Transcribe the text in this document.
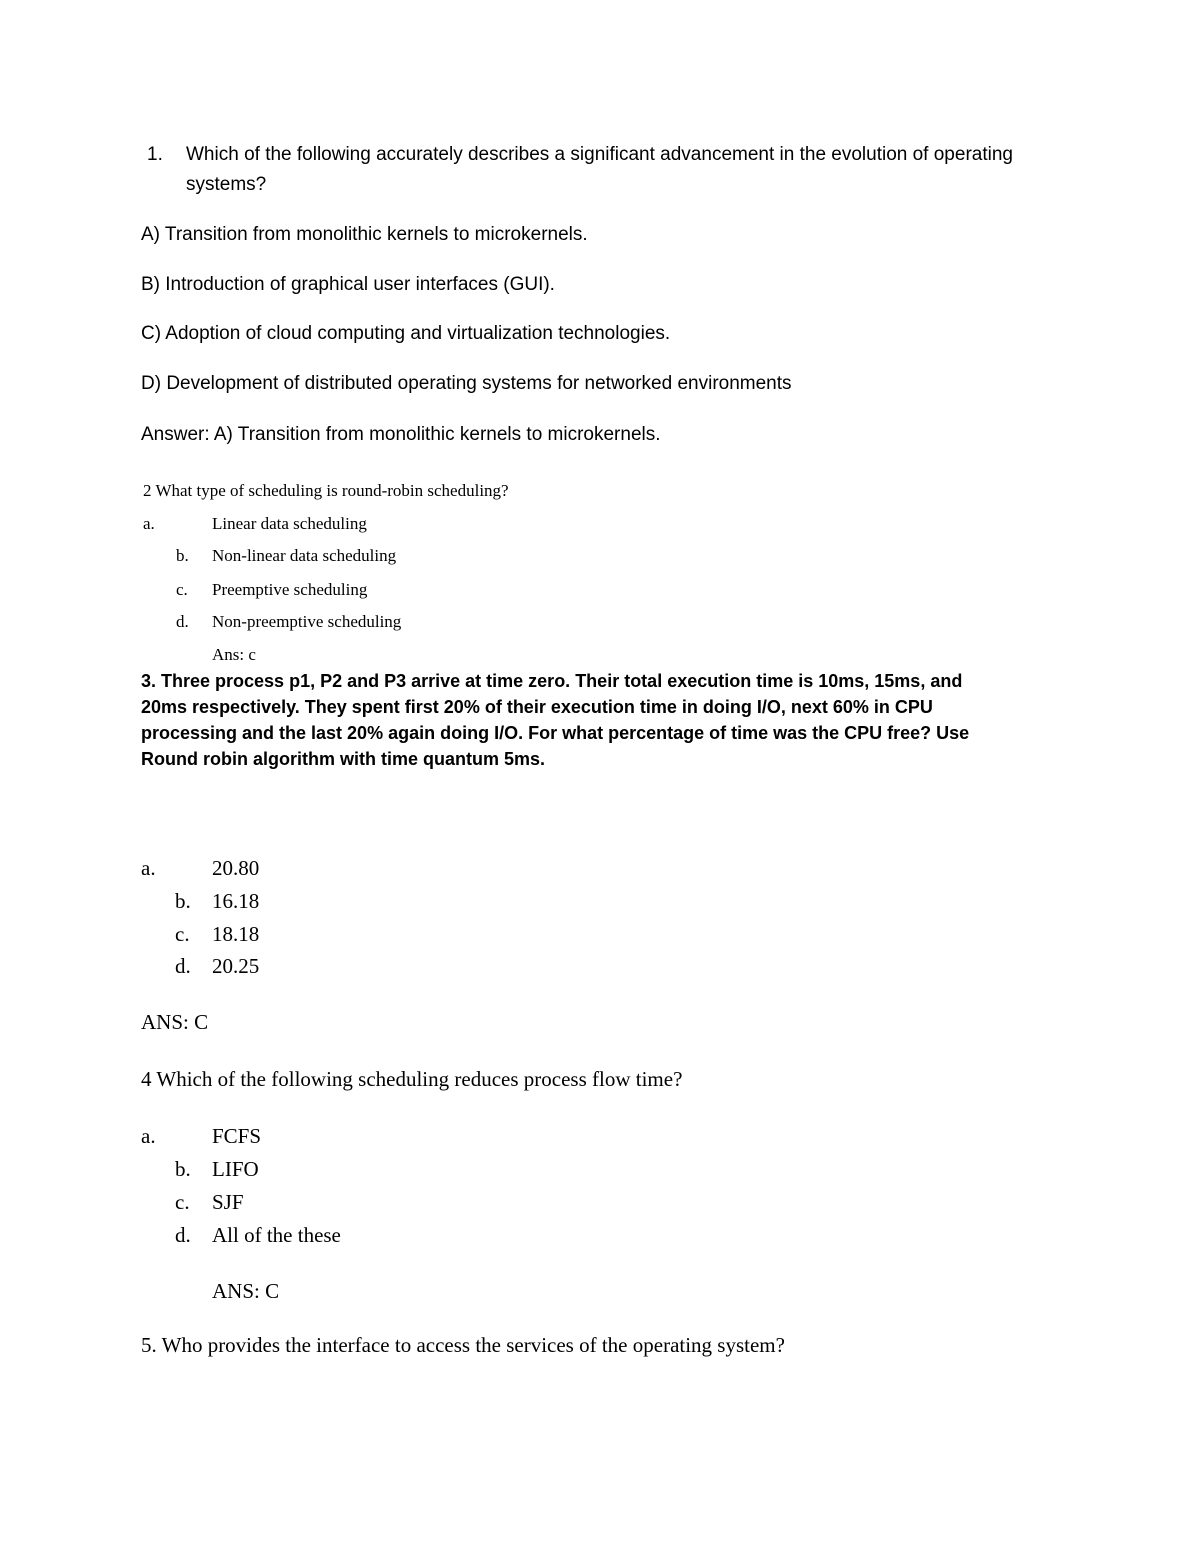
1. Which of the following accurately describes a significant advancement in the evolution of operating
systems?
A) Transition from monolithic kernels to microkernels.
B) Introduction of graphical user interfaces (GUI).
C) Adoption of cloud computing and virtualization technologies.
D) Development of distributed operating systems for networked environments
Answer: A) Transition from monolithic kernels to microkernels.
2 What type of scheduling is round-robin scheduling?
a.	Linear data scheduling
b. Non-linear data scheduling
c. Preemptive scheduling
d. Non-preemptive scheduling
Ans: c
3. Three process p1, P2 and P3 arrive at time zero. Their total execution time is 10ms, 15ms, and
20ms respectively. They spent first 20% of their execution time in doing I/O, next 60% in CPU
processing and the last 20% again doing I/O. For what percentage of time was the CPU free? Use
Round robin algorithm with time quantum 5ms.
a.	20.80
b. 16.18
c. 18.18
d. 20.25
ANS: C
4 Which of the following scheduling reduces process flow time?
a.	FCFS
b. LIFO
c. SJF
d. All of the these
ANS: C
5. Who provides the interface to access the services of the operating system?
